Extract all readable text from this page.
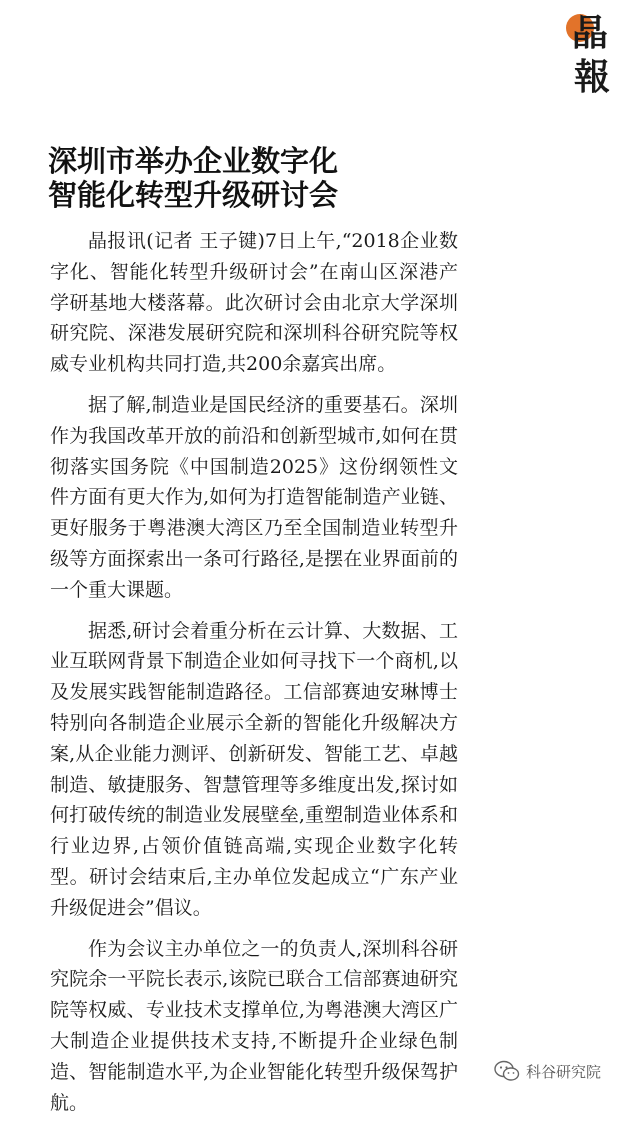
晶
報
深圳市举办企业数字化
智能化转型升级研讨会

晶报讯(记者 王子键)7日上午,“2018企业数字化、智能化转型升级研讨会”在南山区深港产学研基地大楼落幕。此次研讨会由北京大学深圳研究院、深港发展研究院和深圳科谷研究院等权威专业机构共同打造,共200余嘉宾出席。

据了解,制造业是国民经济的重要基石。深圳作为我国改革开放的前沿和创新型城市,如何在贯彻落实国务院《中国制造2025》这份纲领性文件方面有更大作为,如何为打造智能制造产业链、更好服务于粤港澳大湾区乃至全国制造业转型升级等方面探索出一条可行路径,是摆在业界面前的一个重大课题。

据悉,研讨会着重分析在云计算、大数据、工业互联网背景下制造企业如何寻找下一个商机,以及发展实践智能制造路径。工信部赛迪安琳博士特别向各制造企业展示全新的智能化升级解决方案,从企业能力测评、创新研发、智能工艺、卓越制造、敏捷服务、智慧管理等多维度出发,探讨如何打破传统的制造业发展壁垒,重塑制造业体系和行业边界,占领价值链高端,实现企业数字化转型。研讨会结束后,主办单位发起成立“广东产业升级促进会”倡议。

作为会议主办单位之一的负责人,深圳科谷研究院余一平院长表示,该院已联合工信部赛迪研究院等权威、专业技术支撑单位,为粤港澳大湾区广大制造企业提供技术支持,不断提升企业绿色制造、智能制造水平,为企业智能化转型升级保驾护航。

科谷研究院
